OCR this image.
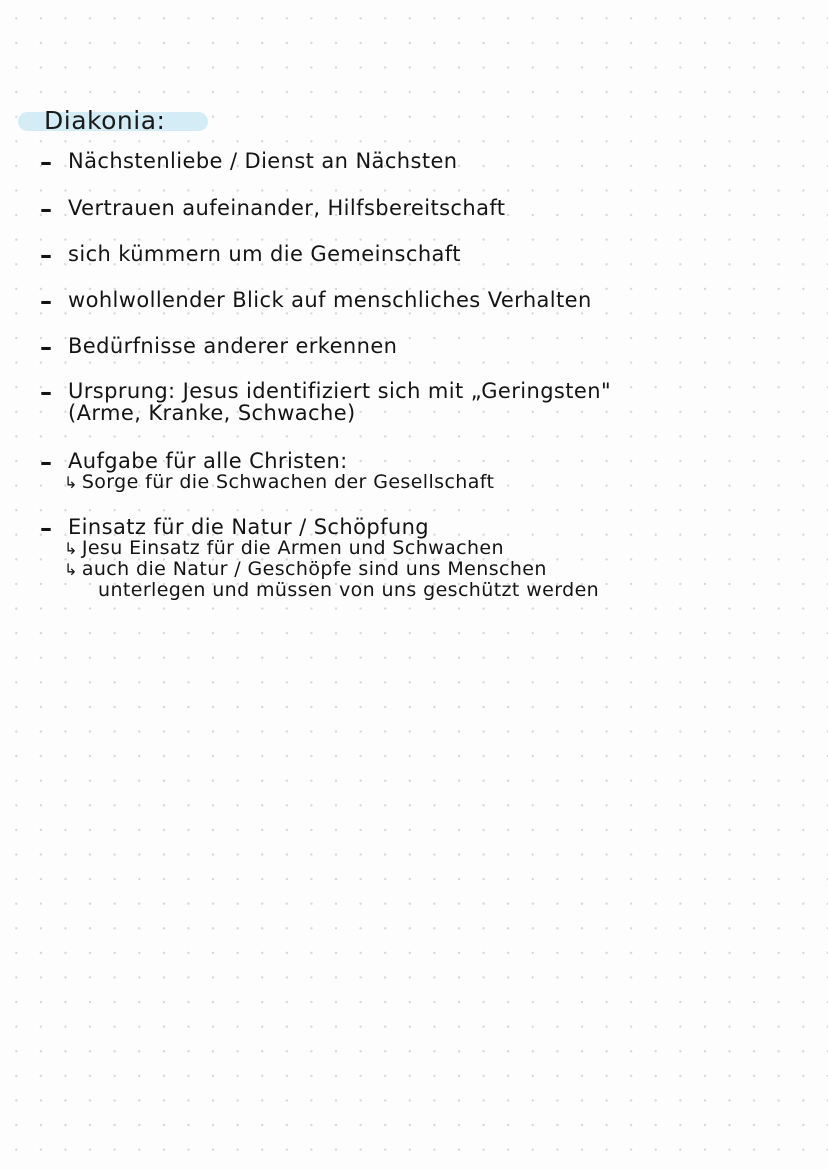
Diakonia:
– Nächstenliebe / Dienst an Nächsten
– Vertrauen aufeinander, Hilfsbereitschaft
– sich kümmern um die Gemeinschaft
– wohlwollender Blick auf menschliches Verhalten
– Bedürfnisse anderer erkennen
– Ursprung: Jesus identifiziert sich mit „Geringsten"
(Arme, Kranke, Schwache)
– Aufgabe für alle Christen:
↳ Sorge für die Schwachen der Gesellschaft
– Einsatz für die Natur / Schöpfung
↳ Jesu Einsatz für die Armen und Schwachen
↳ auch die Natur / Geschöpfe sind uns Menschen
unterlegen und müssen von uns geschützt werden
